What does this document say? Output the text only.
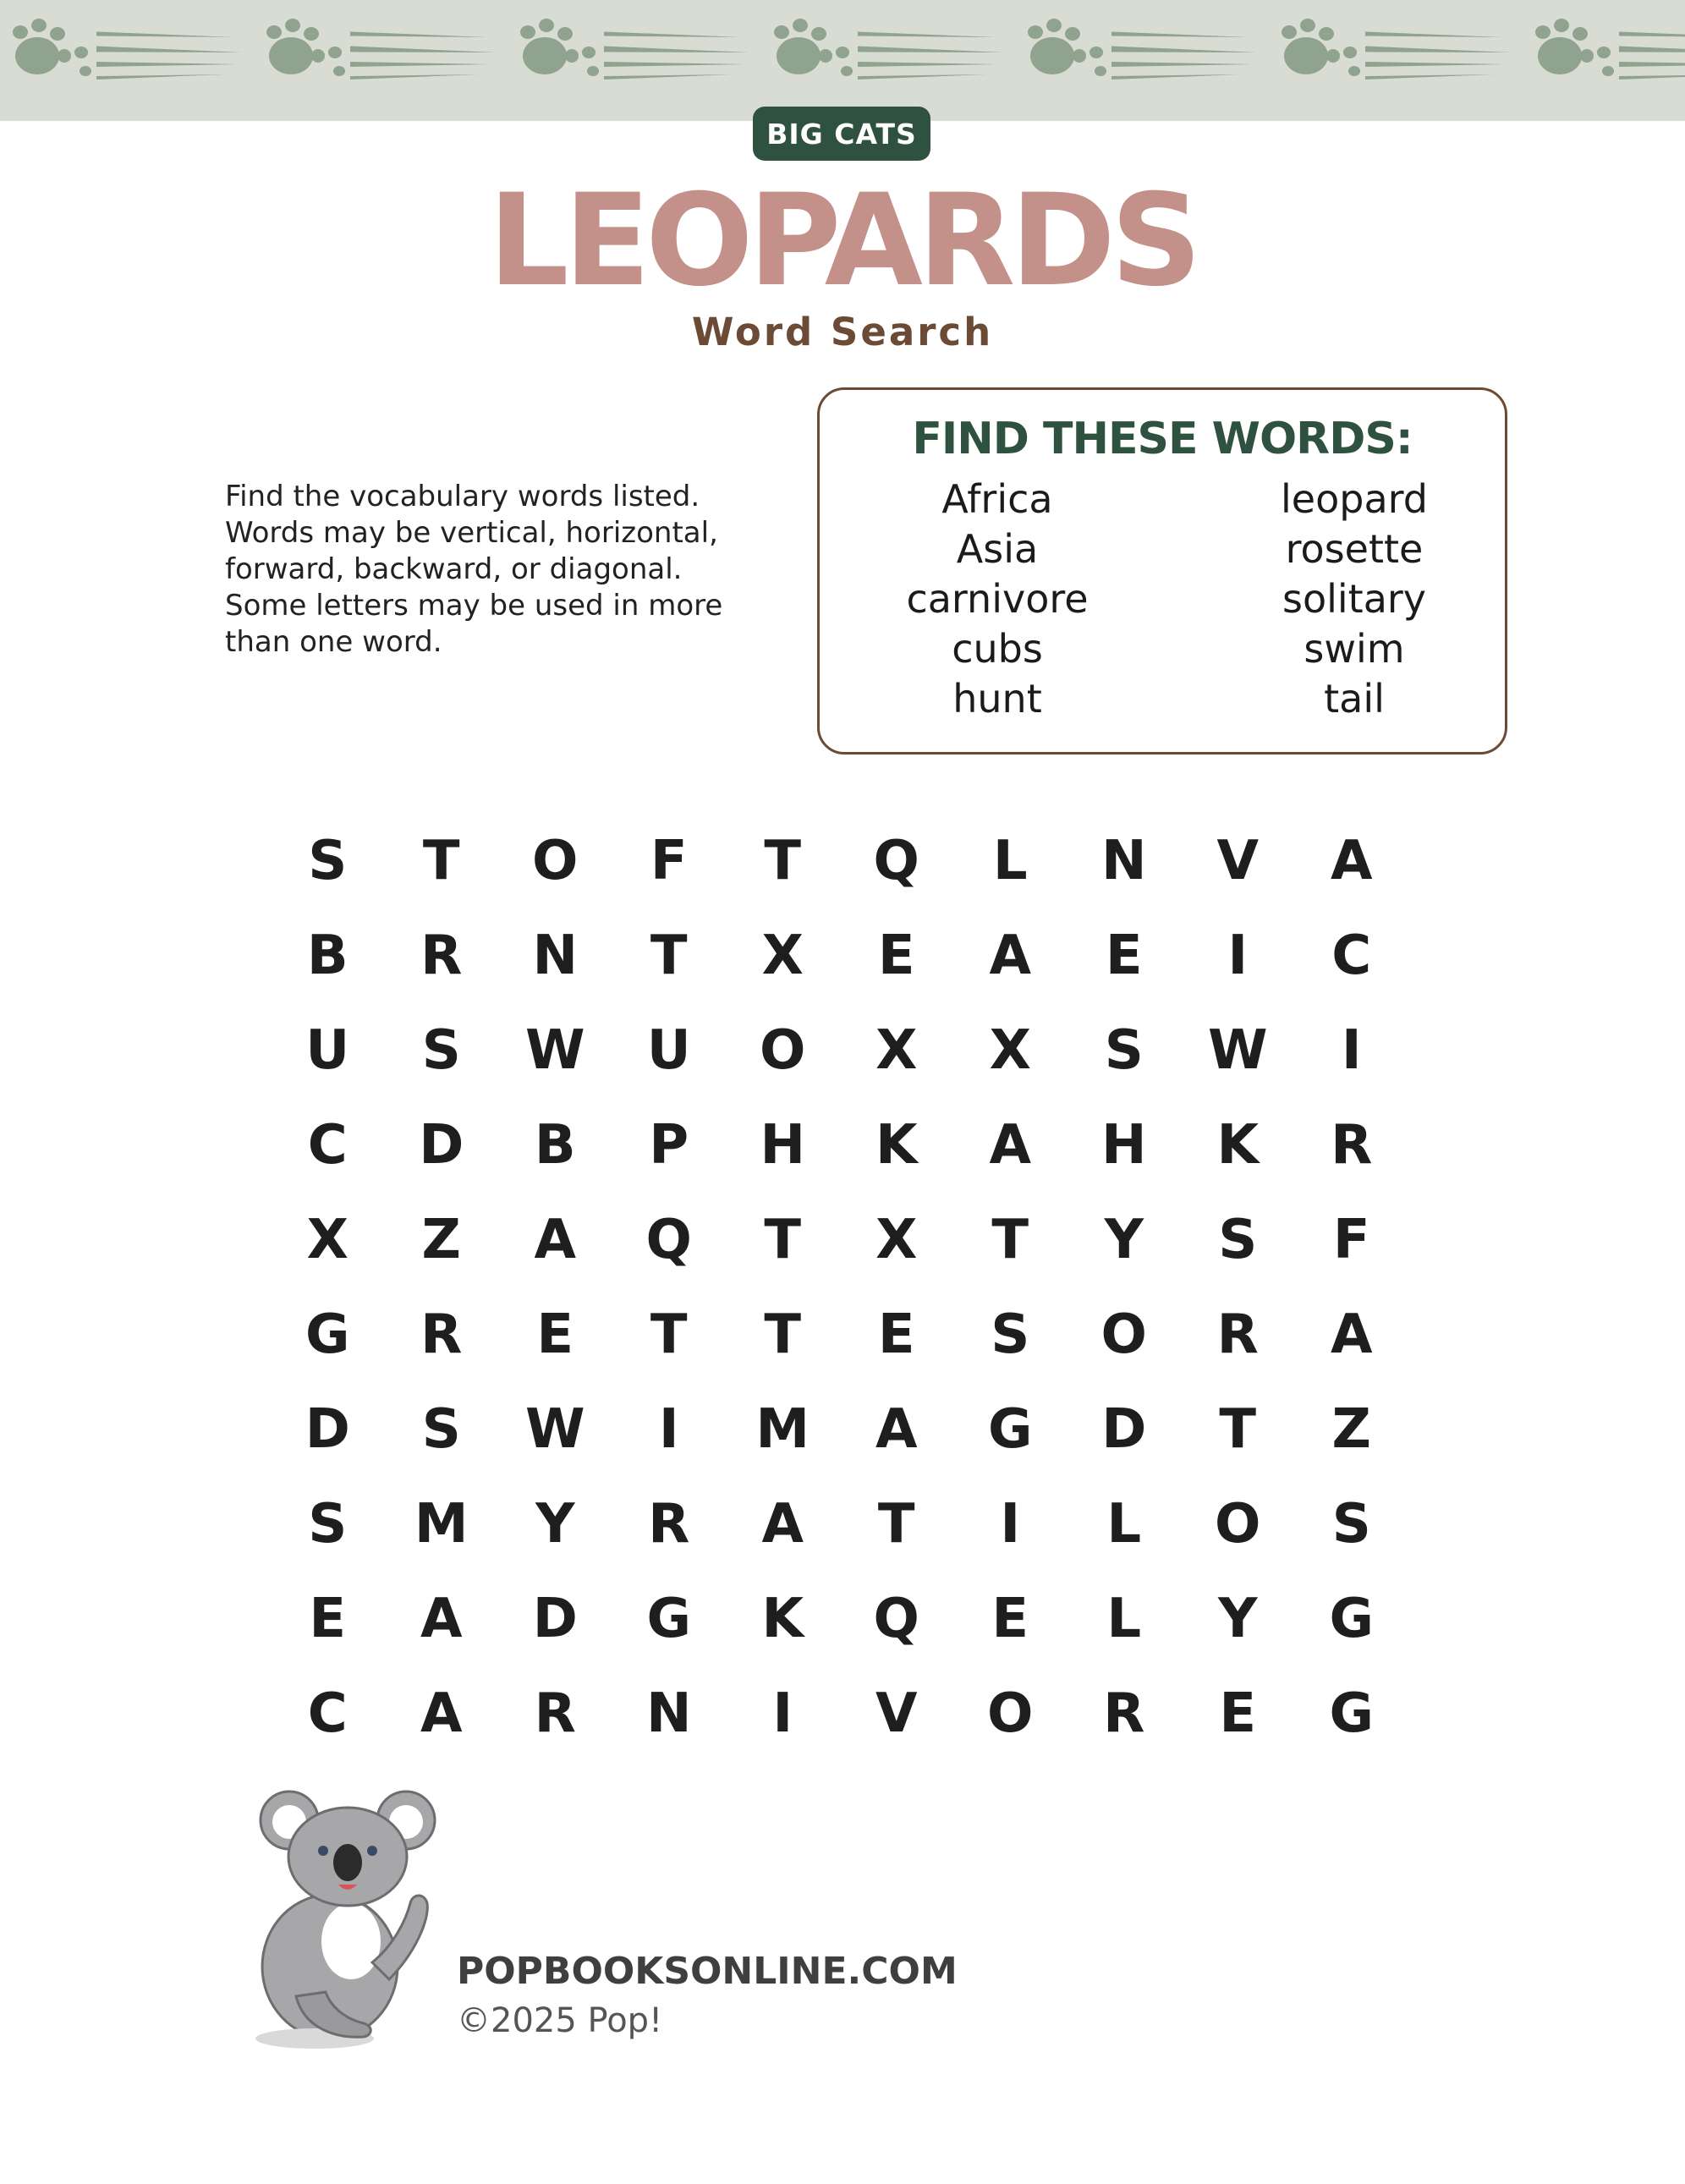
BIG CATS
LEOPARDS
Word Search
Find the vocabulary words listed.
Words may be vertical, horizontal,
forward, backward, or diagonal.
Some letters may be used in more
than one word.
FIND THESE WORDS:
Africa
Asia
carnivore
cubs
hunt
leopard
rosette
solitary
swim
tail
S	T	O	F	T	Q	L	N	V	A
B	R	N	T	X	E	A	E	I	C
U	S	W	U	O	X	X	S	W	I
C	D	B	P	H	K	A	H	K	R
X	Z	A	Q	T	X	T	Y	S	F
G	R	E	T	T	E	S	O	R	A
D	S	W	I	M	A	G	D	T	Z
S	M	Y	R	A	T	I	L	O	S
E	A	D	G	K	Q	E	L	Y	G
C	A	R	N	I	V	O	R	E	G
POPBOOKSONLINE.COM
©2025 Pop!
